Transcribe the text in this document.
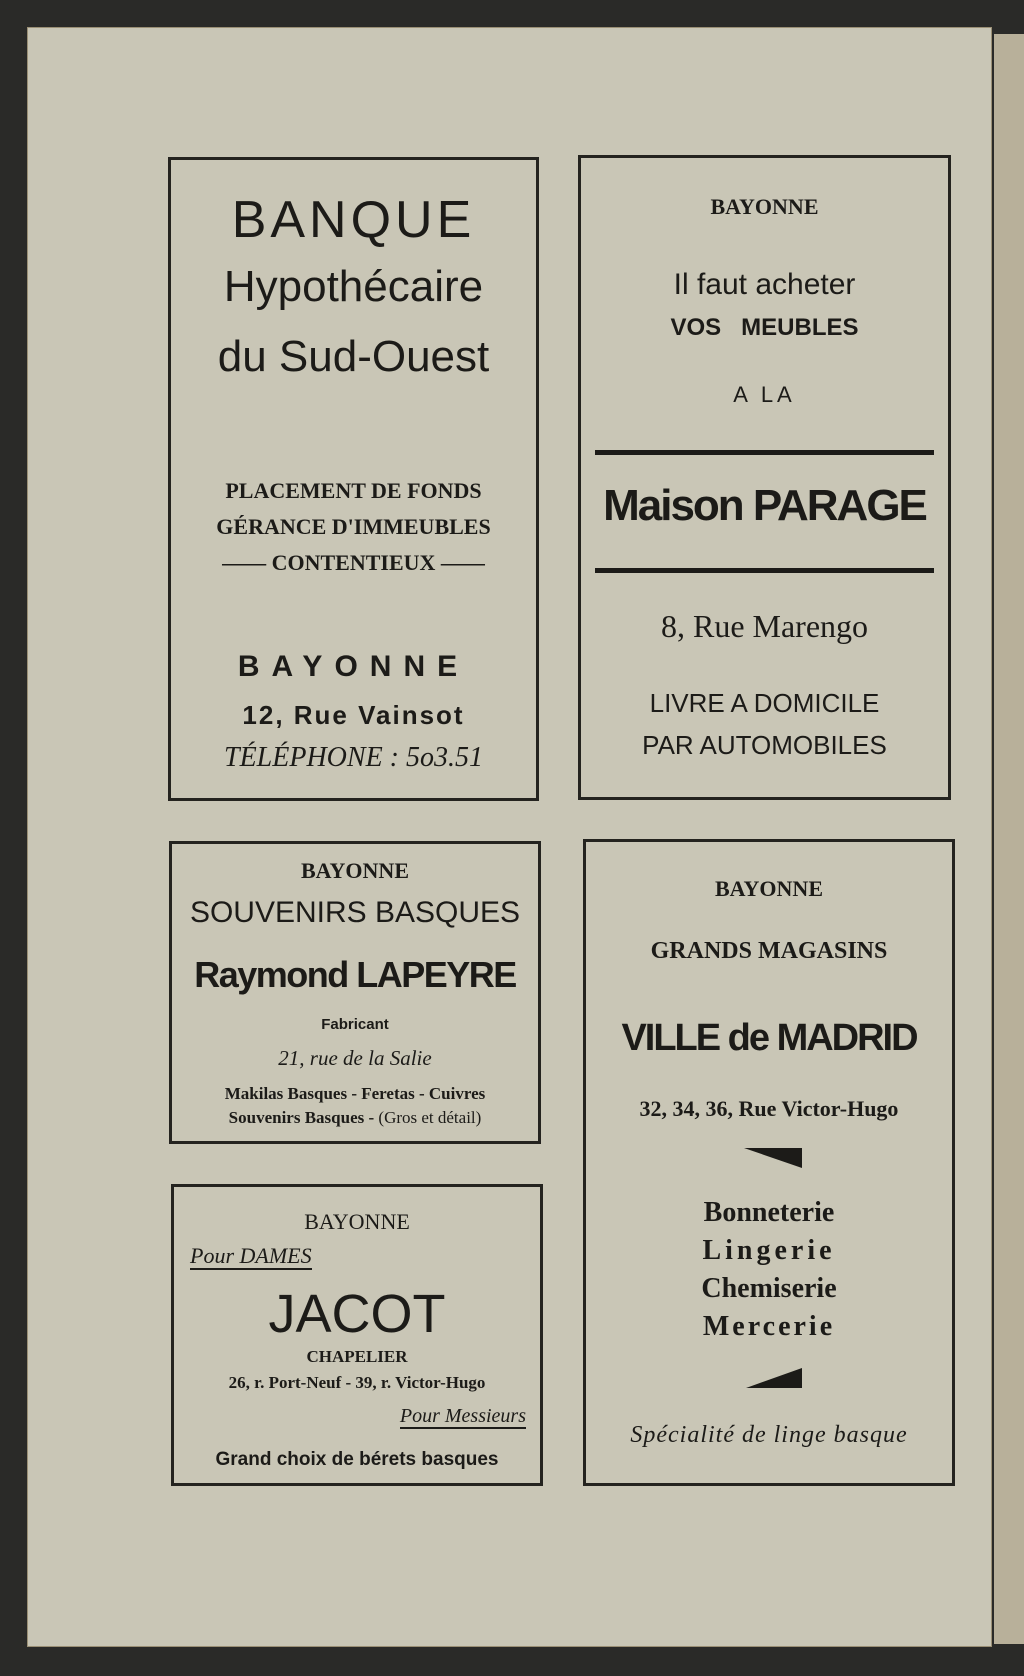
BANQUE
Hypothécaire
du Sud-Ouest
PLACEMENT DE FONDS
GÉRANCE D'IMMEUBLES
—— CONTENTIEUX ——
BAYONNE
12, Rue Vainsot
TÉLÉPHONE : 5o3.51
BAYONNE
Il faut acheter
VOS   MEUBLES
A LA
Maison PARAGE
8, Rue Marengo
LIVRE A DOMICILE
PAR AUTOMOBILES
BAYONNE
SOUVENIRS BASQUES
Raymond LAPEYRE
Fabricant
21, rue de la Salie
Makilas Basques - Feretas - Cuivres
Souvenirs Basques - (Gros et détail)
BAYONNE
Pour DAMES
JACOT
CHAPELIER
26, r. Port-Neuf - 39, r. Victor-Hugo
Pour Messieurs
Grand choix de bérets basques
BAYONNE
GRANDS MAGASINS
VILLE de MADRID
32, 34, 36, Rue Victor-Hugo
Bonneterie
Lingerie
Chemiserie
Mercerie
Spécialité de linge basque
